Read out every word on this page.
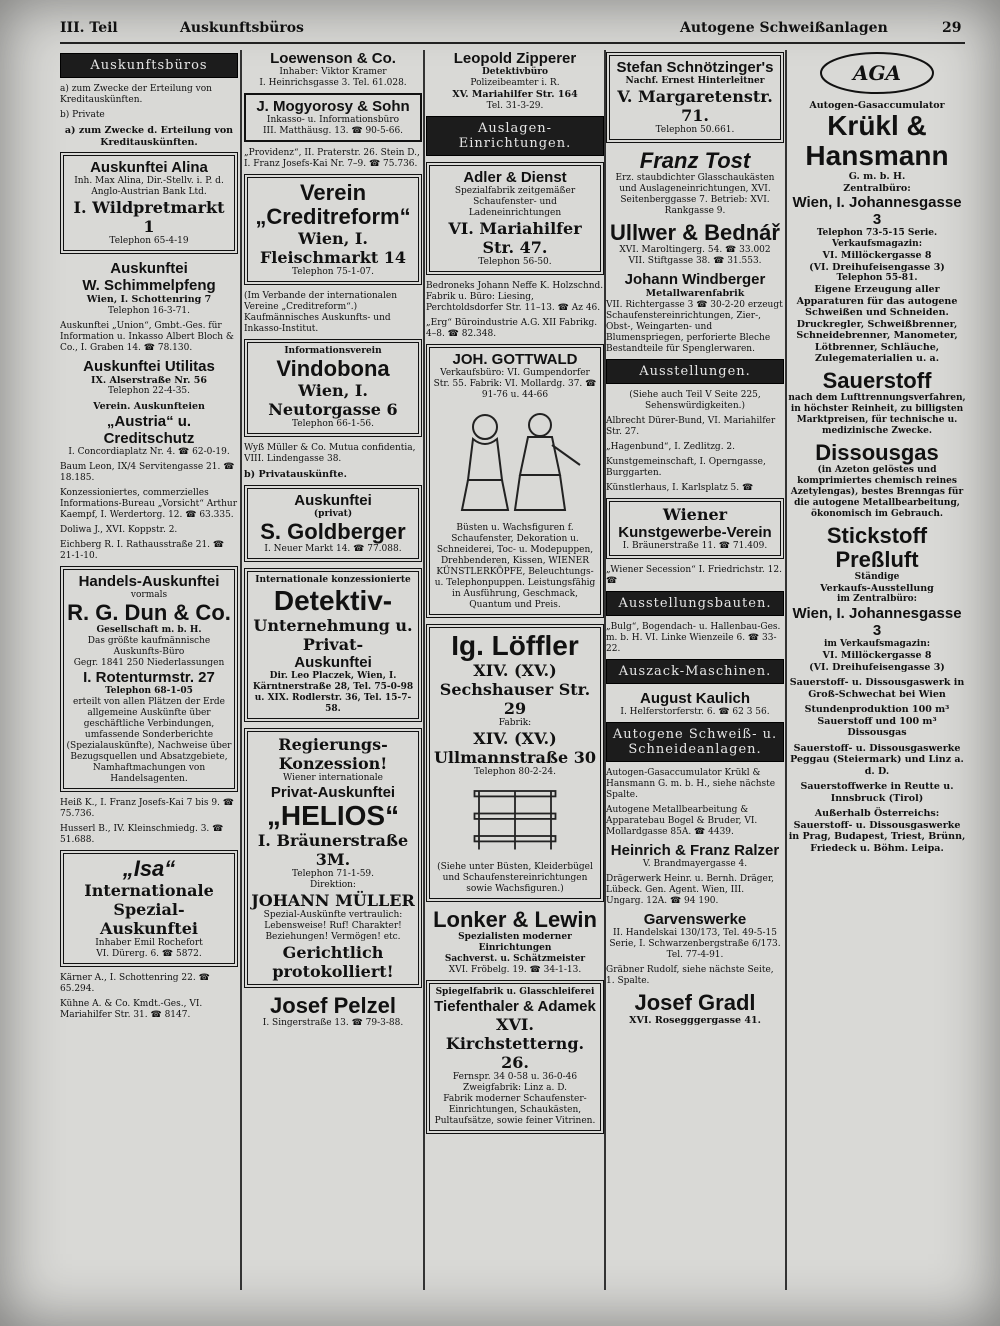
III. Teil	Auskunftsbüros	Autogene Schweißanlagen	29
Auskunftsbüros

a) zum Zwecke der Erteilung von Kreditauskünften.

b) Private

a) zum Zwecke d. Erteilung von Kreditauskünften.

Auskunftei Alina

Inh. Max Alina, Dir.-Stellv. i. P. d. Anglo-Austrian Bank Ltd.

I. Wildpretmarkt 1

Telephon 65-4-19

Auskunftei

W. Schimmelpfeng

Wien, I. Schottenring 7

Telephon 16-3-71.

Auskunftei „Union“, Gmbt.-Ges. für Information u. Inkasso Albert Bloch & Co., I. Graben 14. ☎ 78.130.

Auskunftei Utilitas

IX. Alserstraße Nr. 56

Telephon 22-4-35.

Verein. Auskunfteien

„Austria“ u. Creditschutz

I. Concordiaplatz Nr. 4. ☎ 62-0-19.

Baum Leon, IX/4 Servitengasse 21. ☎ 18.185.

Konzessioniertes, commerzielles Informations-Bureau „Vorsicht“ Arthur Kaempf, I. Werdertorg. 12. ☎ 63.335.

Doliwa J., XVI. Koppstr. 2.

Eichberg R. I. Rathausstraße 21. ☎ 21-1-10.

Handels-Auskunftei

vormals

R. G. Dun & Co.

Gesellschaft m. b. H.

Das größte kaufmännische Auskunfts-Büro

Gegr. 1841 250 Niederlassungen

I. Rotenturmstr. 27

Telephon 68-1-05

erteilt von allen Plätzen der Erde allgemeine Auskünfte über geschäftliche Verbindungen, umfassende Sonderberichte (Spezialauskünfte), Nachweise über Bezugsquellen und Absatzgebiete, Namhaftmachungen von Handelsagenten.

Heiß K., I. Franz Josefs-Kai 7 bis 9. ☎ 75.736.

Husserl B., IV. Kleinschmiedg. 3. ☎ 51.688.

„Isa“

Internationale Spezial-Auskunftei

Inhaber Emil Rochefort

VI. Dürerg. 6. ☎ 5872.

Kärner A., I. Schottenring 22. ☎ 65.294.

Kühne A. & Co. Kmdt.-Ges., VI. Mariahilfer Str. 31. ☎ 8147.

Loewenson & Co.

Inhaber: Viktor Kramer

I. Heinrichsgasse 3. Tel. 61.028.

J. Mogyorosy & Sohn

Inkasso- u. Informationsbüro

III. Matthäusg. 13. ☎ 90-5-66.

„Providenz“, II. Praterstr. 26. Stein D., I. Franz Josefs-Kai Nr. 7–9. ☎ 75.736.

Verein „Creditreform“

Wien, I. Fleischmarkt 14

Telephon 75-1-07.

(Im Verbande der internationalen Vereine „Creditreform“.) Kaufmännisches Auskunfts- und Inkasso-Institut.

Informationsverein

Vindobona

Wien, I. Neutorgasse 6

Telephon 66-1-56.

Wyß Müller & Co. Mutua confidentia, VIII. Lindengasse 38.

b) Privatauskünfte.

Auskunftei

(privat)

S. Goldberger

I. Neuer Markt 14. ☎ 77.088.

Internationale konzessionierte

Detektiv-

Unternehmung u. Privat-

Auskunftei

Dir. Leo Placzek, Wien, I. Kärntnerstraße 28, Tel. 75-0-98 u. XIX. Rodlerstr. 36, Tel. 15-7-58.

Regierungs-Konzession!

Wiener internationale

Privat-Auskunftei

„HELIOS“

I. Bräunerstraße 3M.

Telephon 71-1-59.

Direktion:

JOHANN MÜLLER

Spezial-Auskünfte vertraulich: Lebensweise! Ruf! Charakter! Beziehungen! Vermögen! etc.

Gerichtlich protokolliert!

Josef Pelzel

I. Singerstraße 13. ☎ 79-3-88.

Leopold Zipperer

Detektivbüro

Polizeibeamter i. R.

XV. Mariahilfer Str. 164

Tel. 31-3-29.

Auslagen-Einrichtungen.

Adler & Dienst

Spezialfabrik zeitgemäßer Schaufenster- und Ladeneinrichtungen

VI. Mariahilfer Str. 47.

Telephon 56-50.

Bedroneks Johann Neffe K. Holzschnd. Fabrik u. Büro: Liesing, Perchtoldsdorfer Str. 11–13. ☎ Az 46.

„Erg“ Büroindustrie A.G. XII Fabrikg. 4–8. ☎ 82.348.

JOH. GOTTWALD

Verkaufsbüro: VI. Gumpendorfer Str. 55. Fabrik: VI. Mollardg. 37. ☎ 91-76 u. 44-66

Büsten u. Wachsfiguren f. Schaufenster, Dekoration u. Schneiderei, Toc- u. Modepuppen, Drehbenderen, Kissen, WIENER KÜNSTLERKÖPFE, Beleuchtungs- u. Telephonpuppen. Leistungsfähig in Ausführung, Geschmack, Quantum und Preis.

Ig. Löffler

XIV. (XV.)

Sechshauser Str. 29

Fabrik:

XIV. (XV.)

Ullmannstraße 30

Telephon 80-2-24.

(Siehe unter Büsten, Kleiderbügel und Schaufenstereinrichtungen sowie Wachsfiguren.)

Lonker & Lewin

Spezialisten moderner Einrichtungen

Sachverst. u. Schätzmeister

XVI. Fröbelg. 19. ☎ 34-1-13.

Spiegelfabrik u. Glasschleiferei

Tiefenthaler & Adamek

XVI. Kirchstetterng. 26.

Fernspr. 34 0-58 u. 36-0-46

Zweigfabrik: Linz a. D.

Fabrik moderner Schaufenster-Einrichtungen, Schaukästen, Pultaufsätze, sowie feiner Vitrinen.

Stefan Schnötzinger's

Nachf. Ernest Hinterleitner

V. Margaretenstr. 71.

Telephon 50.661.

Franz Tost

Erz. staubdichter Glasschaukästen und Auslageneinrichtungen, XVI. Seitenberggasse 7. Betrieb: XVI. Rankgasse 9.

Ullwer & Bednář

XVI. Maroltingerg. 54. ☎ 33.002

VII. Stiftgasse 38. ☎ 31.553.

Johann Windberger

Metallwarenfabrik

VII. Richtergasse 3 ☎ 30-2-20 erzeugt Schaufenstereinrichtungen, Zier-, Obst-, Weingarten- und Blumenspriegen, perforierte Bleche Bestandteile für Spenglerwaren.

Ausstellungen.

(Siehe auch Teil V Seite 225, Sehenswürdigkeiten.)

Albrecht Dürer-Bund, VI. Mariahilfer Str. 27.

„Hagenbund“, I. Zedlitzg. 2.

Kunstgemeinschaft, I. Operngasse, Burggarten.

Künstlerhaus, I. Karlsplatz 5. ☎

Wiener

Kunstgewerbe-Verein

I. Bräunerstraße 11. ☎ 71.409.

„Wiener Secession“ I. Friedrichstr. 12. ☎

Ausstellungsbauten.

„Bulg“, Bogendach- u. Hallenbau-Ges. m. b. H. VI. Linke Wienzeile 6. ☎ 33-22.

Auszack-Maschinen.

August Kaulich

I. Helferstorferstr. 6. ☎ 62 3 56.

Autogene Schweiß- u. Schneideanlagen.

Autogen-Gasaccumulator Krükl & Hansmann G. m. b. H., siehe nächste Spalte.

Autogene Metallbearbeitung & Apparatebau Bogel & Bruder, VI. Mollardgasse 85A. ☎ 4439.

Heinrich & Franz Ralzer

V. Brandmayergasse 4.

Drägerwerk Heinr. u. Bernh. Dräger, Lübeck. Gen. Agent. Wien, III. Ungarg. 12A. ☎ 94 190.

Garvenswerke

II. Handelskai 130/173, Tel. 49-5-15 Serie, I. Schwarzenbergstraße 6/173. Tel. 77-4-91.

Gräbner Rudolf, siehe nächste Seite, 1. Spalte.

Josef Gradl

XVI. Rosegggergasse 41.

AGA

Autogen-Gasaccumulator

Krükl & Hansmann

G. m. b. H.

Zentralbüro:

Wien, I. Johannesgasse 3

Telephon 73-5-15 Serie.

Verkaufsmagazin:

VI. Millöckergasse 8

(VI. Dreihufeisengasse 3)

Telephon 55-81.

Eigene Erzeugung aller Apparaturen für das autogene Schweißen und Schneiden.

Druckregler, Schweißbrenner, Schneidebrenner, Manometer, Lötbrenner, Schläuche, Zulegematerialien u. a.

Sauerstoff

nach dem Lufttrennungsverfahren, in höchster Reinheit, zu billigsten Marktpreisen, für technische u. medizinische Zwecke.

Dissousgas

(in Azeton gelöstes und komprimiertes chemisch reines Azetylengas), bestes Brenngas für die autogene Metallbearbeitung, ökonomisch im Gebrauch.

Stickstoff

Preßluft

Ständige

Verkaufs-Ausstellung

im Zentralbüro:

Wien, I. Johannesgasse 3

im Verkaufsmagazin:

VI. Millöckergasse 8

(VI. Dreihufeisengasse 3)

Sauerstoff- u. Dissousgaswerk in Groß-Schwechat bei Wien

Stundenproduktion 100 m³ Sauerstoff und 100 m³ Dissousgas

Sauerstoff- u. Dissousgaswerke Peggau (Steiermark) und Linz a. d. D.

Sauerstoffwerke in Reutte u. Innsbruck (Tirol)

Außerhalb Österreichs: Sauerstoff- u. Dissousgaswerke in Prag, Budapest, Triest, Brünn, Friedeck u. Böhm. Leipa.
